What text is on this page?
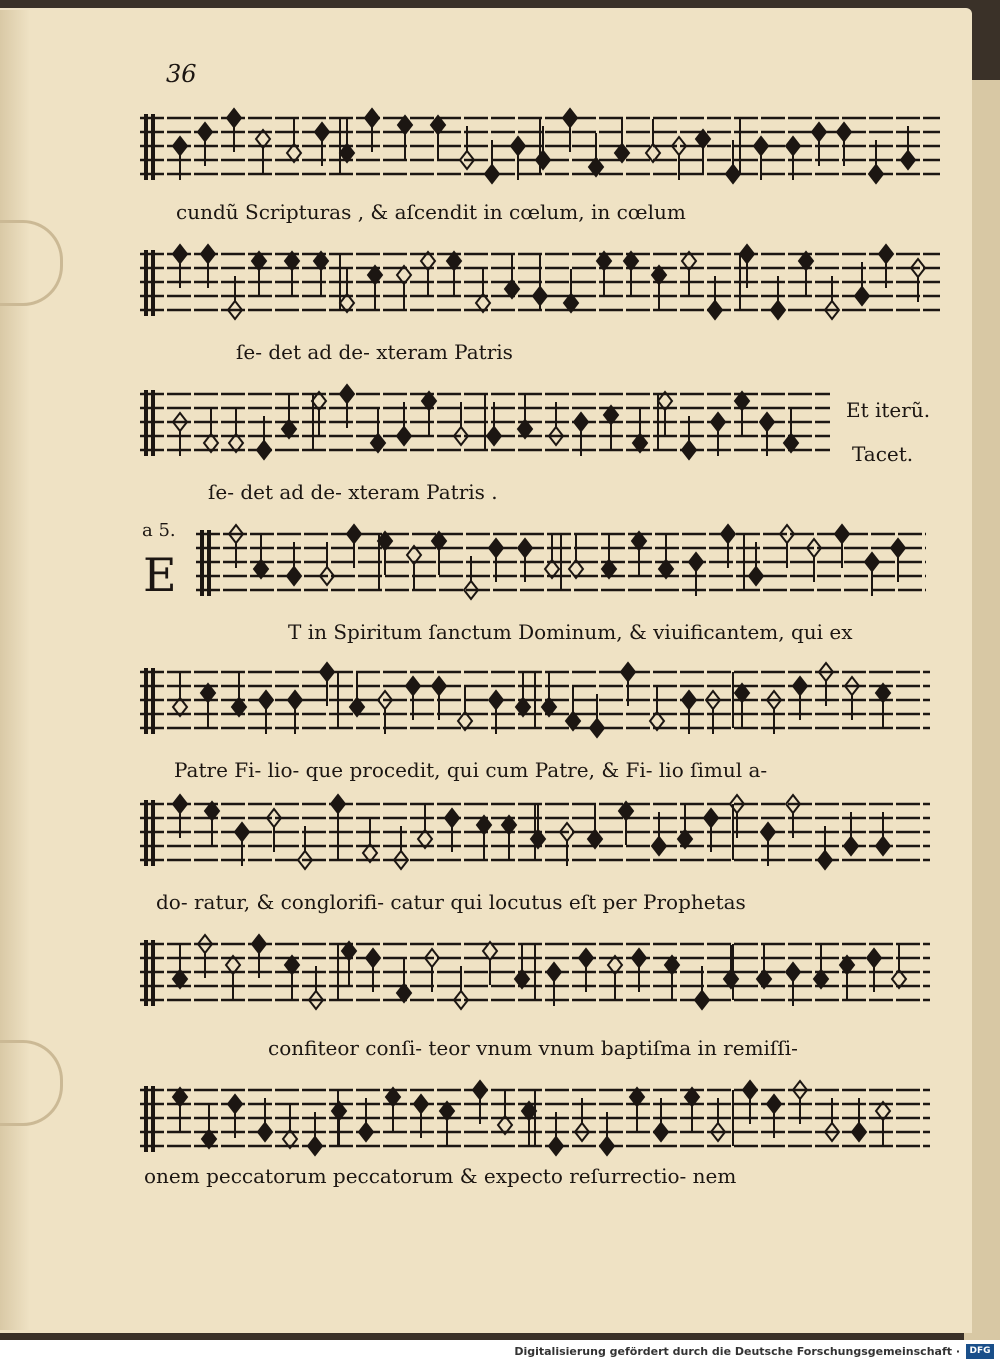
36
cundũ Scripturas , & aſcendit in cœlum, in cœlum
ſe- det ad de- xteram Patris
Et iterũ.
Tacet.
ſe- det ad de- xteram Patris .
a 5.
E
T in Spiritum ſanctum Dominum, & viuificantem, qui ex
Patre Fi- lio- que procedit, qui cum Patre, & Fi- lio ſimul a-
do- ratur, & conglorifi- catur qui locutus eſt per Prophetas
confiteor conſi- teor vnum vnum baptiſma in remiſſi-
onem peccatorum peccatorum & expecto reſurrectio- nem
Digitalisierung gefördert durch die Deutsche Forschungsgemeinschaft ·	DFG
